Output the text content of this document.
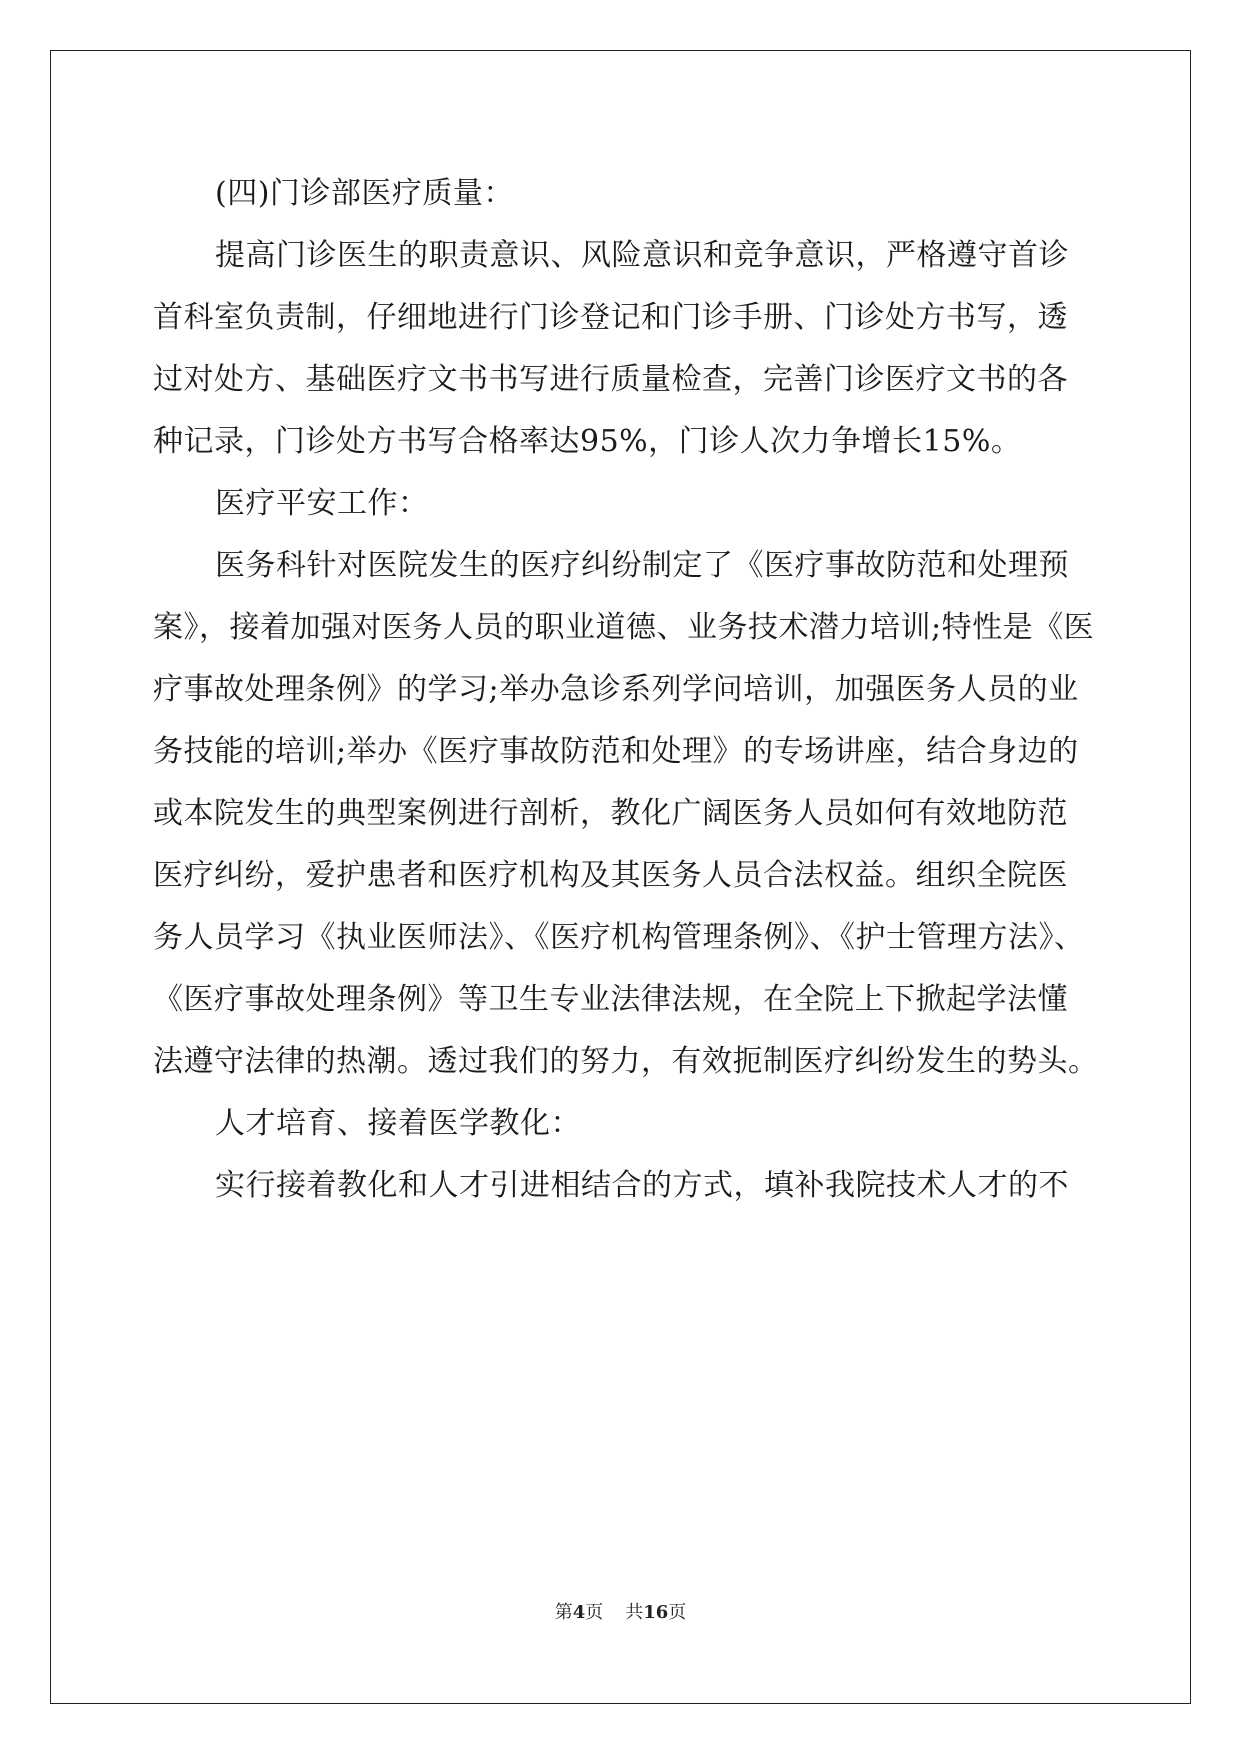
(四)门诊部医疗质量：
提高门诊医生的职责意识、风险意识和竞争意识，严格遵守首诊
首科室负责制，仔细地进行门诊登记和门诊手册、门诊处方书写，透
过对处方、基础医疗文书书写进行质量检查，完善门诊医疗文书的各
种记录，门诊处方书写合格率达95%，门诊人次力争增长15%。
医疗平安工作：
医务科针对医院发生的医疗纠纷制定了《医疗事故防范和处理预
案》，接着加强对医务人员的职业道德、业务技术潜力培训;特性是《医
疗事故处理条例》的学习;举办急诊系列学问培训，加强医务人员的业
务技能的培训;举办《医疗事故防范和处理》的专场讲座，结合身边的
或本院发生的典型案例进行剖析，教化广阔医务人员如何有效地防范
医疗纠纷，爱护患者和医疗机构及其医务人员合法权益。组织全院医
务人员学习《执业医师法》、《医疗机构管理条例》、《护士管理方法》、
《医疗事故处理条例》等卫生专业法律法规，在全院上下掀起学法懂
法遵守法律的热潮。透过我们的努力，有效扼制医疗纠纷发生的势头。
人才培育、接着医学教化：
实行接着教化和人才引进相结合的方式，填补我院技术人才的不
第4页 共16页
